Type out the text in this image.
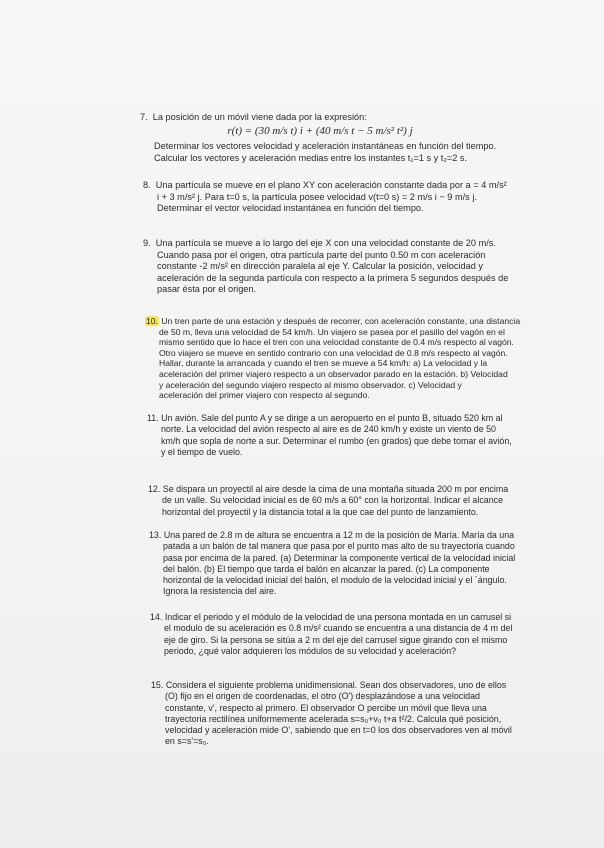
7. La posición de un móvil viene dada por la expresión:
r(t) = (30 m/s t) i + (40 m/s t − 5 m/s² t²) j
Determinar los vectores velocidad y aceleración instantáneas en función del tiempo.
Calcular los vectores y aceleración medias entre los instantes t₁=1 s y t₂=2 s.
8. Una partícula se mueve en el plano XY con aceleración constante dada por a = 4 m/s²
i + 3 m/s² j. Para t=0 s, la partícula posee velocidad v(t=0 s) = 2 m/s i − 9 m/s j.
Determinar el vector velocidad instantánea en función del tiempo.
9. Una partícula se mueve a lo largo del eje X con una velocidad constante de 20 m/s.
Cuando pasa por el origen, otra partícula parte del punto 0.50 m con aceleración
constante -2 m/s² en dirección paralela al eje Y. Calcular la posición, velocidad y
aceleración de la segunda partícula con respecto a la primera 5 segundos después de
pasar ésta por el origen.
10. Un tren parte de una estación y después de recorrer, con aceleración constante, una distancia
de 50 m, lleva una velocidad de 54 km/h. Un viajero se pasea por el pasillo del vagón en el
mismo sentido que lo hace el tren con una velocidad constante de 0.4 m/s respecto al vagón.
Otro viajero se mueve en sentido contrario con una velocidad de 0.8 m/s respecto al vagón.
Hallar, durante la arrancada y cuando el tren se mueve a 54 km/h: a) La velocidad y la
aceleración del primer viajero respecto a un observador parado en la estación. b) Velocidad
y aceleración del segundo viajero respecto al mismo observador. c) Velocidad y
aceleración del primer viajero con respecto al segundo.
11. Un avión. Sale del punto A y se dirige a un aeropuerto en el punto B, situado 520 km al
norte. La velocidad del avión respecto al aire es de 240 km/h y existe un viento de 50
km/h que sopla de norte a sur. Determinar el rumbo (en grados) que debe tomar el avión,
y el tiempo de vuelo.
12. Se dispara un proyectil al aire desde la cima de una montaña situada 200 m por encima
de un valle. Su velocidad inicial es de 60 m/s a 60° con la horizontal. Indicar el alcance
horizontal del proyectil y la distancia total a la que cae del punto de lanzamiento.
13. Una pared de 2.8 m de altura se encuentra a 12 m de la posición de María. María da una
patada a un balón de tal manera que pasa por el punto mas alto de su trayectoria cuando
pasa por encima de la pared. (a) Determinar la componente vertical de la velocidad inicial
del balón. (b) El tiempo que tarda el balón en alcanzar la pared. (c) La componente
horizontal de la velocidad inicial del balón, el modulo de la velocidad inicial y el ´ángulo.
Ignora la resistencia del aire.
14. Indicar el periodo y el módulo de la velocidad de una persona montada en un carrusel si
el modulo de su aceleración es 0.8 m/s² cuando se encuentra a una distancia de 4 m del
eje de giro. Si la persona se sitúa a 2 m del eje del carrusel sigue girando con el mismo
periodo, ¿qué valor adquieren los módulos de su velocidad y aceleración?
15. Considera el siguiente problema unidimensional. Sean dos observadores, uno de ellos
(O) fijo en el origen de coordenadas, el otro (O') desplazándose a una velocidad
constante, v', respecto al primero. El observador O percibe un móvil que lleva una
trayectoria rectilínea uniformemente acelerada s=s₀+v₀ t+a t²/2. Calcula qué posición,
velocidad y aceleración mide O', sabiendo que en t=0 los dos observadores ven al móvil
en s=s'=s₀.
